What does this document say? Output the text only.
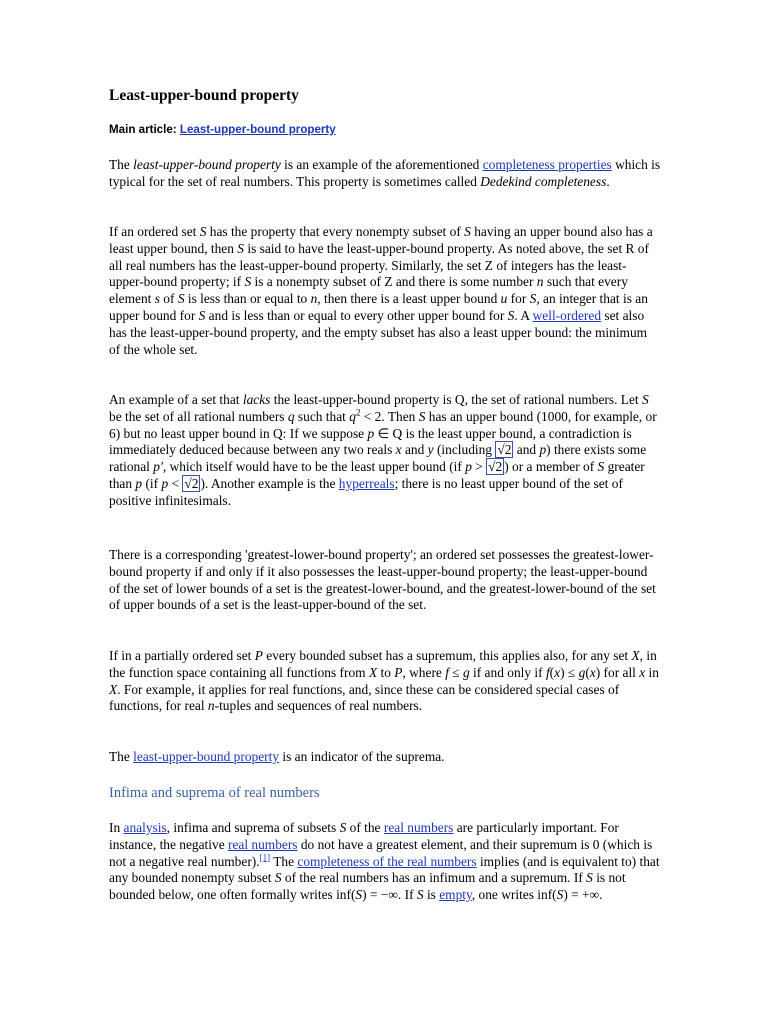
Least-upper-bound property
Main article: Least-upper-bound property

The least-upper-bound property is an example of the aforementioned completeness properties which is typical for the set of real numbers. This property is sometimes called Dedekind completeness.

If an ordered set S has the property that every nonempty subset of S having an upper bound also has a least upper bound, then S is said to have the least-upper-bound property. As noted above, the set R of all real numbers has the least-upper-bound property. Similarly, the set Z of integers has the least-upper-bound property; if S is a nonempty subset of Z and there is some number n such that every element s of S is less than or equal to n, then there is a least upper bound u for S, an integer that is an upper bound for S and is less than or equal to every other upper bound for S. A well-ordered set also has the least-upper-bound property, and the empty subset has also a least upper bound: the minimum of the whole set.

An example of a set that lacks the least-upper-bound property is Q, the set of rational numbers. Let S be the set of all rational numbers q such that $q^2 < 2$. Then S has an upper bound (1000, for example, or 6) but no least upper bound in Q: If we suppose p ∈ Q is the least upper bound, a contradiction is immediately deduced because between any two reals x and y (including √2 and p) there exists some rational p′, which itself would have to be the least upper bound (if p > √2 ) or a member of S greater than p (if p < √2 ). Another example is the hyperreals; there is no least upper bound of the set of positive infinitesimals.

There is a corresponding 'greatest-lower-bound property'; an ordered set possesses the greatest-lower-bound property if and only if it also possesses the least-upper-bound property; the least-upper-bound of the set of lower bounds of a set is the greatest-lower-bound, and the greatest-lower-bound of the set of upper bounds of a set is the least-upper-bound of the set.

If in a partially ordered set P every bounded subset has a supremum, this applies also, for any set X, in the function space containing all functions from X to P, where f ≤ g if and only if f(x) ≤ g(x) for all x in X. For example, it applies for real functions, and, since these can be considered special cases of functions, for real n-tuples and sequences of real numbers.

The least-upper-bound property is an indicator of the suprema.

Infima and suprema of real numbers

In analysis, infima and suprema of subsets S of the real numbers are particularly important. For instance, the negative real numbers do not have a greatest element, and their supremum is 0 (which is not a negative real number).[1] The completeness of the real numbers implies (and is equivalent to) that any bounded nonempty subset S of the real numbers has an infimum and a supremum. If S is not bounded below, one often formally writes inf(S) = −∞. If S is empty, one writes inf(S) = +∞.
